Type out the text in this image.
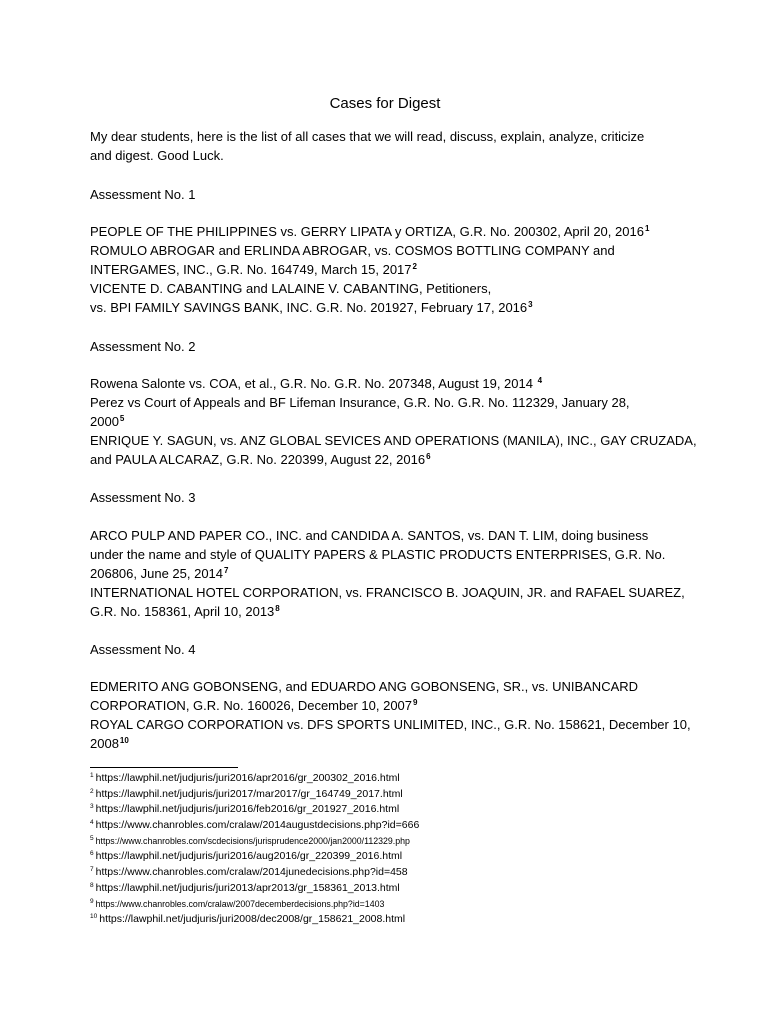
Cases for Digest
My dear students, here is the list of all cases that we will read, discuss, explain, analyze, criticize
and digest. Good Luck.
Assessment No. 1
PEOPLE OF THE PHILIPPINES vs. GERRY LIPATA y ORTIZA, G.R. No. 200302, April 20, 2016$^1$
ROMULO ABROGAR and ERLINDA ABROGAR, vs. COSMOS BOTTLING COMPANY and
INTERGAMES, INC., G.R. No. 164749, March 15, 2017$^2$
VICENTE D. CABANTING and LALAINE V. CABANTING, Petitioners,
vs. BPI FAMILY SAVINGS BANK, INC. G.R. No. 201927, February 17, 2016$^3$
Assessment No. 2
Rowena Salonte vs. COA, et al., G.R. No. G.R. No. 207348, August 19, 2014 $^4$
Perez vs Court of Appeals and BF Lifeman Insurance, G.R. No. G.R. No. 112329, January 28,
2000$^5$
ENRIQUE Y. SAGUN, vs. ANZ GLOBAL SEVICES AND OPERATIONS (MANILA), INC., GAY CRUZADA,
and PAULA ALCARAZ, G.R. No. 220399, August 22, 2016$^6$
Assessment No. 3
ARCO PULP AND PAPER CO., INC. and CANDIDA A. SANTOS, vs. DAN T. LIM, doing business
under the name and style of QUALITY PAPERS & PLASTIC PRODUCTS ENTERPRISES, G.R. No.
206806, June 25, 2014$^7$
INTERNATIONAL HOTEL CORPORATION, vs. FRANCISCO B. JOAQUIN, JR. and RAFAEL SUAREZ,
G.R. No. 158361, April 10, 2013$^8$
Assessment No. 4
EDMERITO ANG GOBONSENG, and EDUARDO ANG GOBONSENG, SR., vs. UNIBANCARD
CORPORATION, G.R. No. 160026, December 10, 2007$^9$
ROYAL CARGO CORPORATION vs. DFS SPORTS UNLIMITED, INC., G.R. No. 158621, December 10,
2008$^{10}$
$^1$ https://lawphil.net/judjuris/juri2016/apr2016/gr_200302_2016.html
$^2$ https://lawphil.net/judjuris/juri2017/mar2017/gr_164749_2017.html
$^3$ https://lawphil.net/judjuris/juri2016/feb2016/gr_201927_2016.html
$^4$ https://www.chanrobles.com/cralaw/2014augustdecisions.php?id=666
$^5$ https://www.chanrobles.com/scdecisions/jurisprudence2000/jan2000/112329.php
$^6$ https://lawphil.net/judjuris/juri2016/aug2016/gr_220399_2016.html
$^7$ https://www.chanrobles.com/cralaw/2014junedecisions.php?id=458
$^8$ https://lawphil.net/judjuris/juri2013/apr2013/gr_158361_2013.html
$^9$ https://www.chanrobles.com/cralaw/2007decemberdecisions.php?id=1403
$^{10}$ https://lawphil.net/judjuris/juri2008/dec2008/gr_158621_2008.html
